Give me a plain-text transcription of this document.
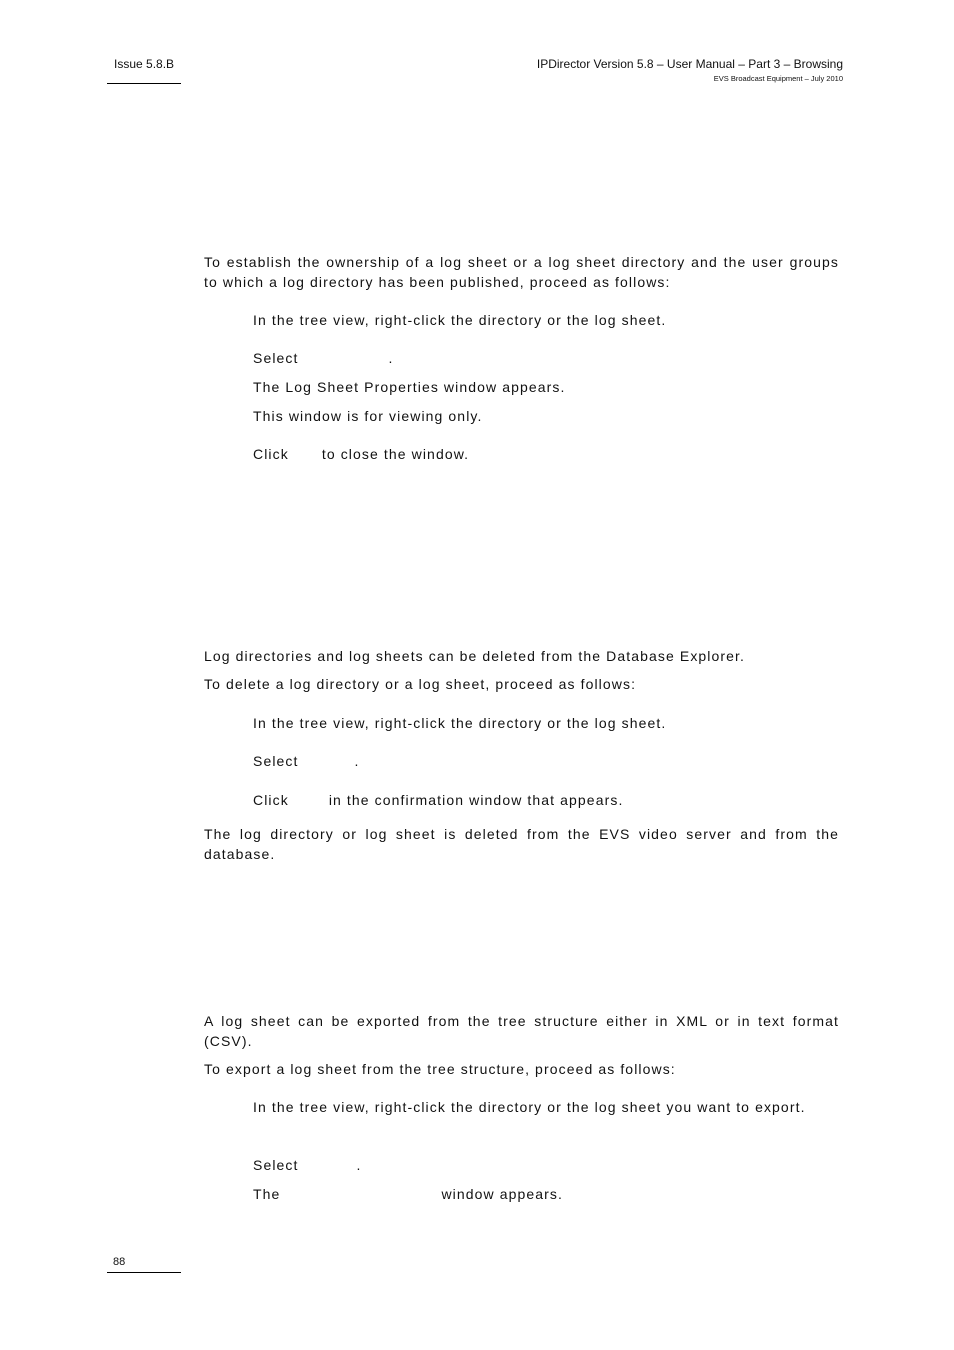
Issue 5.8.B	IPDirector Version 5.8 – User Manual – Part 3 – Browsing
EVS Broadcast Equipment – July 2010

To establish the ownership of a log sheet or a log sheet directory and the user groups to which a log directory has been published, proceed as follows:

In the tree view, right-click the directory or the log sheet.

Select	.

The Log Sheet Properties window appears.

This window is for viewing only.

Click to close the window.

Log directories and log sheets can be deleted from the Database Explorer.

To delete a log directory or a log sheet, proceed as follows:

In the tree view, right-click the directory or the log sheet.

Select	.

Click	in the confirmation window that appears.

The log directory or log sheet is deleted from the EVS video server and from the database.

A log sheet can be exported from the tree structure either in XML or in text format (CSV).

To export a log sheet from the tree structure, proceed as follows:

In the tree view, right-click the directory or the log sheet you want to export.

Select	.

The	window appears.

88
